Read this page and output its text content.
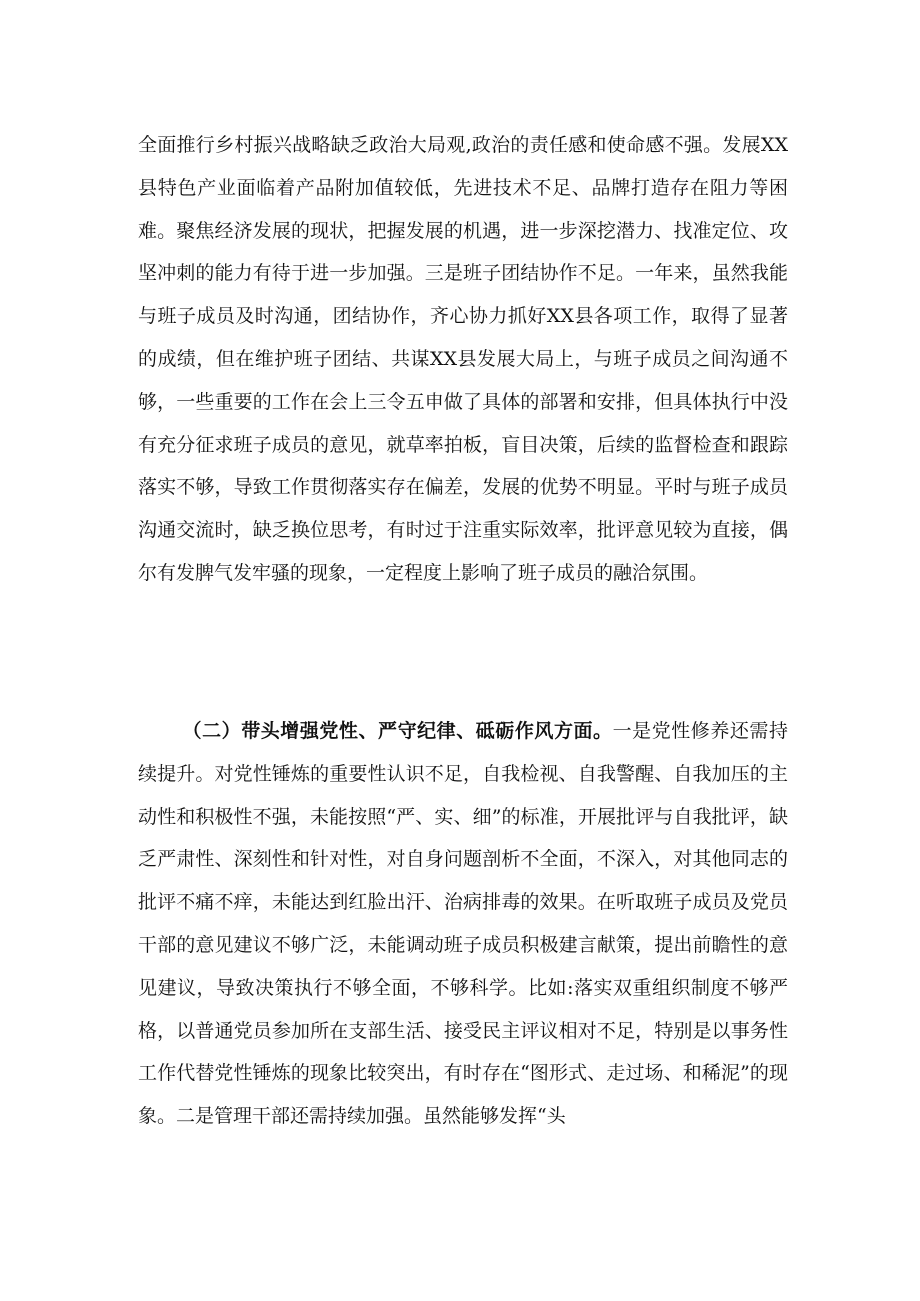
全面推行乡村振兴战略缺乏政治大局观,政治的责任感和使命感不强。发展XX县特色产业面临着产品附加值较低，先进技术不足、品牌打造存在阻力等困难。聚焦经济发展的现状，把握发展的机遇，进一步深挖潜力、找准定位、攻坚冲刺的能力有待于进一步加强。三是班子团结协作不足。一年来，虽然我能与班子成员及时沟通，团结协作，齐心协力抓好XX县各项工作，取得了显著的成绩，但在维护班子团结、共谋XX县发展大局上，与班子成员之间沟通不够，一些重要的工作在会上三令五申做了具体的部署和安排，但具体执行中没有充分征求班子成员的意见，就草率拍板，盲目决策，后续的监督检查和跟踪落实不够，导致工作贯彻落实存在偏差，发展的优势不明显。平时与班子成员沟通交流时，缺乏换位思考，有时过于注重实际效率，批评意见较为直接，偶尔有发脾气发牢骚的现象，一定程度上影响了班子成员的融洽氛围。

（二）带头增强党性、严守纪律、砥砺作风方面。一是党性修养还需持续提升。对党性锤炼的重要性认识不足，自我检视、自我警醒、自我加压的主动性和积极性不强，未能按照“严、实、细”的标准，开展批评与自我批评，缺乏严肃性、深刻性和针对性，对自身问题剖析不全面，不深入，对其他同志的批评不痛不痒，未能达到红脸出汗、治病排毒的效果。在听取班子成员及党员干部的意见建议不够广泛，未能调动班子成员积极建言献策，提出前瞻性的意见建议，导致决策执行不够全面，不够科学。比如:落实双重组织制度不够严格，以普通党员参加所在支部生活、接受民主评议相对不足，特别是以事务性工作代替党性锤炼的现象比较突出，有时存在“图形式、走过场、和稀泥”的现象。二是管理干部还需持续加强。虽然能够发挥“头
